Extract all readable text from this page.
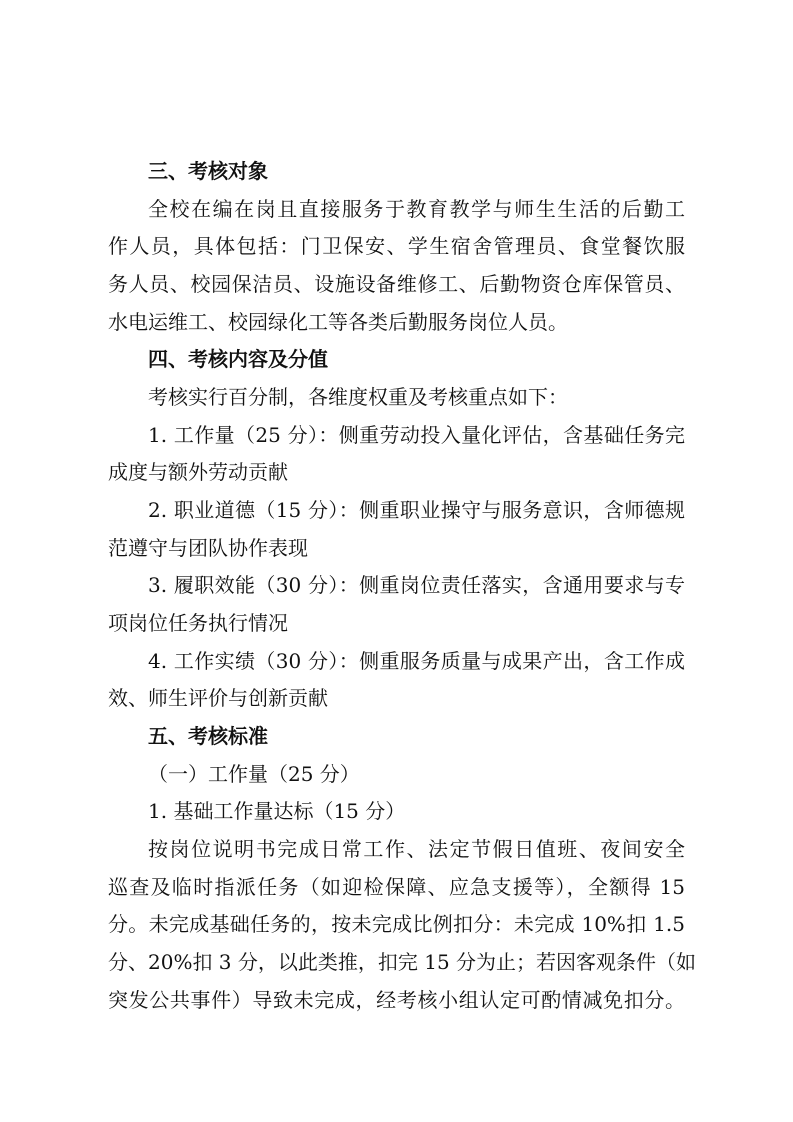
三、考核对象
全校在编在岗且直接服务于教育教学与师生生活的后勤工
作人员，具体包括：门卫保安、学生宿舍管理员、食堂餐饮服
务人员、校园保洁员、设施设备维修工、后勤物资仓库保管员、
水电运维工、校园绿化工等各类后勤服务岗位人员。
四、考核内容及分值
考核实行百分制，各维度权重及考核重点如下：
1. 工作量（25 分）：侧重劳动投入量化评估，含基础任务完
成度与额外劳动贡献
2. 职业道德（15 分）：侧重职业操守与服务意识，含师德规
范遵守与团队协作表现
3. 履职效能（30 分）：侧重岗位责任落实，含通用要求与专
项岗位任务执行情况
4. 工作实绩（30 分）：侧重服务质量与成果产出，含工作成
效、师生评价与创新贡献
五、考核标准
（一）工作量（25 分）
1. 基础工作量达标（15 分）
按岗位说明书完成日常工作、法定节假日值班、夜间安全
巡查及临时指派任务（如迎检保障、应急支援等），全额得 15
分。未完成基础任务的，按未完成比例扣分：未完成 10%扣 1.5
分、20%扣 3 分，以此类推，扣完 15 分为止；若因客观条件（如
突发公共事件）导致未完成，经考核小组认定可酌情减免扣分。
